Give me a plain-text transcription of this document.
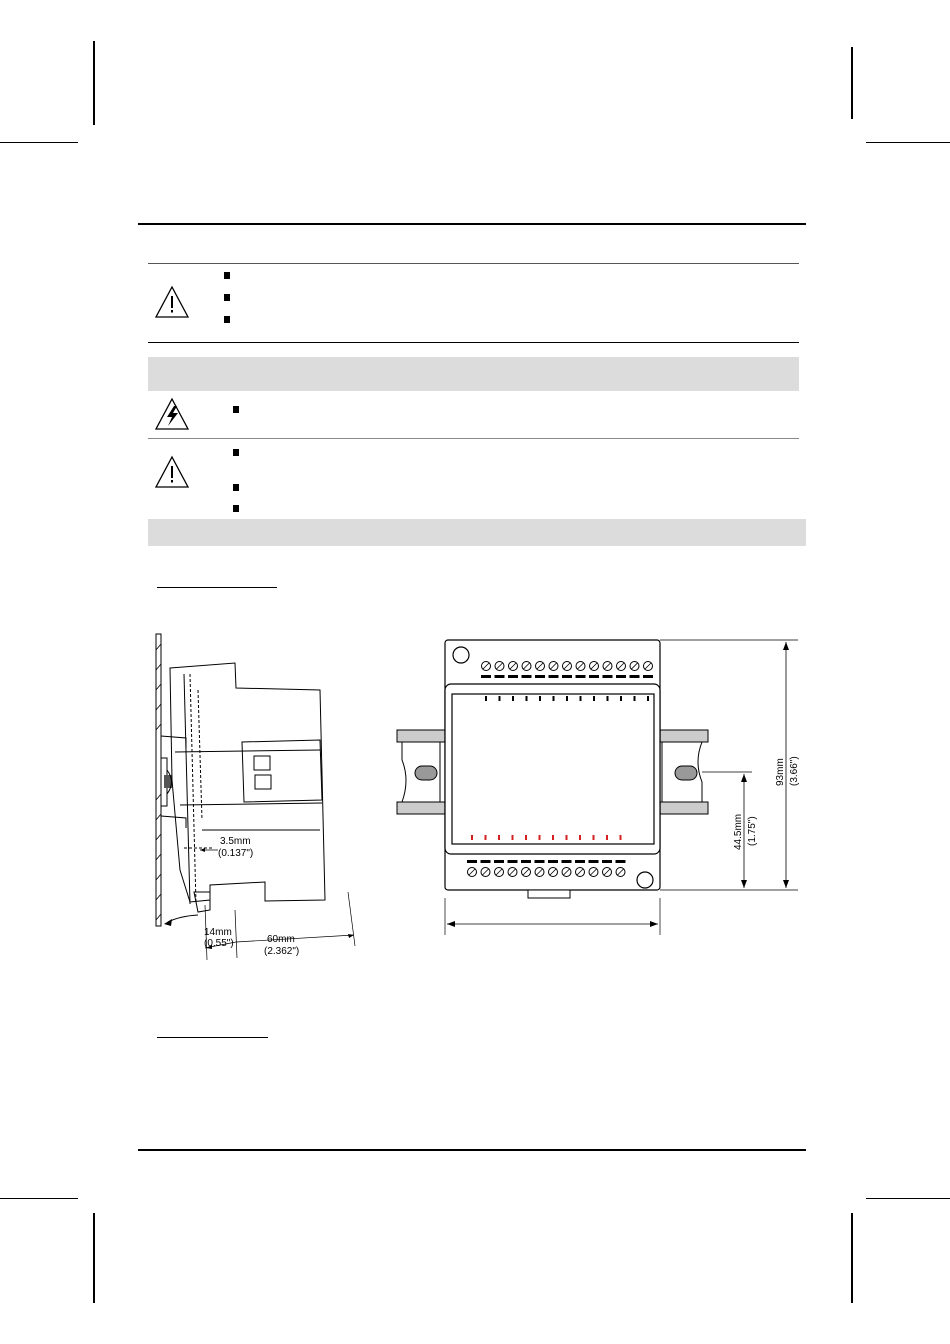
3.5mm
(0.137")
14mm
(0.55")	60mm
(2.362")
93mm (3.66")
44.5mm (1.75")
